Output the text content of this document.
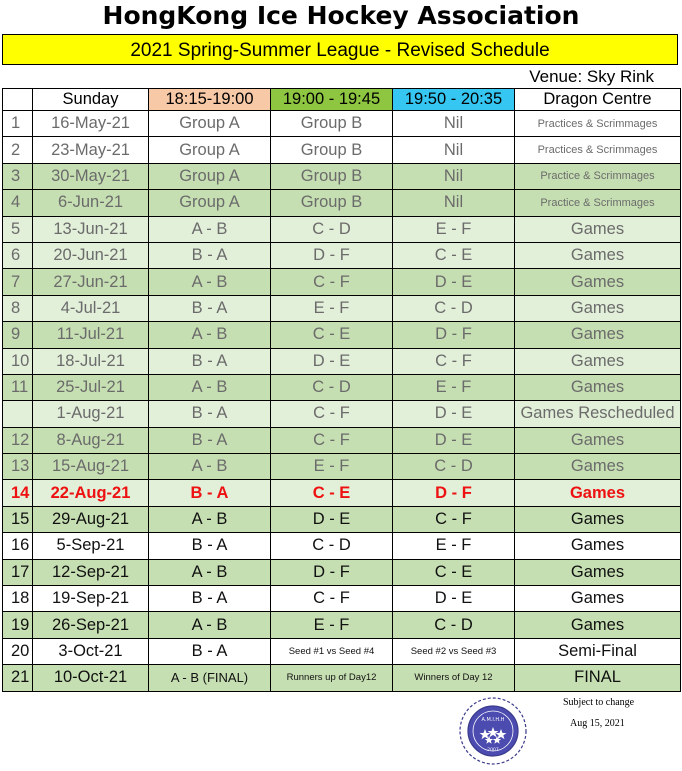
HongKong Ice Hockey Association
2021 Spring-Summer League - Revised Schedule
Venue: Sky Rink
	Sunday	18:15-19:00	19:00 - 19:45	19:50 - 20:35	Dragon Centre
1	16-May-21	Group A	Group B	Nil	Practices & Scrimmages
2	23-May-21	Group A	Group B	Nil	Practices & Scrimmages
3	30-May-21	Group A	Group B	Nil	Practice & Scrimmages
4	6-Jun-21	Group A	Group B	Nil	Practice & Scrimmages
5	13-Jun-21	A - B	C - D	E - F	Games
6	20-Jun-21	B - A	D - F	C - E	Games
7	27-Jun-21	A - B	C - F	D - E	Games
8	4-Jul-21	B - A	E - F	C - D	Games
9	11-Jul-21	A - B	C - E	D - F	Games
10	18-Jul-21	B - A	D - E	C - F	Games
11	25-Jul-21	A - B	C - D	E - F	Games
	1-Aug-21	B - A	C - F	D - E	Games Rescheduled
12	8-Aug-21	B - A	C - F	D - E	Games
13	15-Aug-21	A - B	E - F	C - D	Games
14	22-Aug-21	B - A	C - E	D - F	Games
15	29-Aug-21	A - B	D - E	C - F	Games
16	5-Sep-21	B - A	C - D	E - F	Games
17	12-Sep-21	A - B	D - F	C - E	Games
18	19-Sep-21	B - A	C - F	D - E	Games
19	26-Sep-21	A - B	E - F	C - D	Games
20	3-Oct-21	B - A	Seed #1 vs Seed #4	Seed #2 vs Seed #3	Semi-Final
21	10-Oct-21	A - B (FINAL)	Runners up of Day12	Winners of Day 12	FINAL
A.M.I.H.H
2007
Subject to change
Aug 15, 2021
